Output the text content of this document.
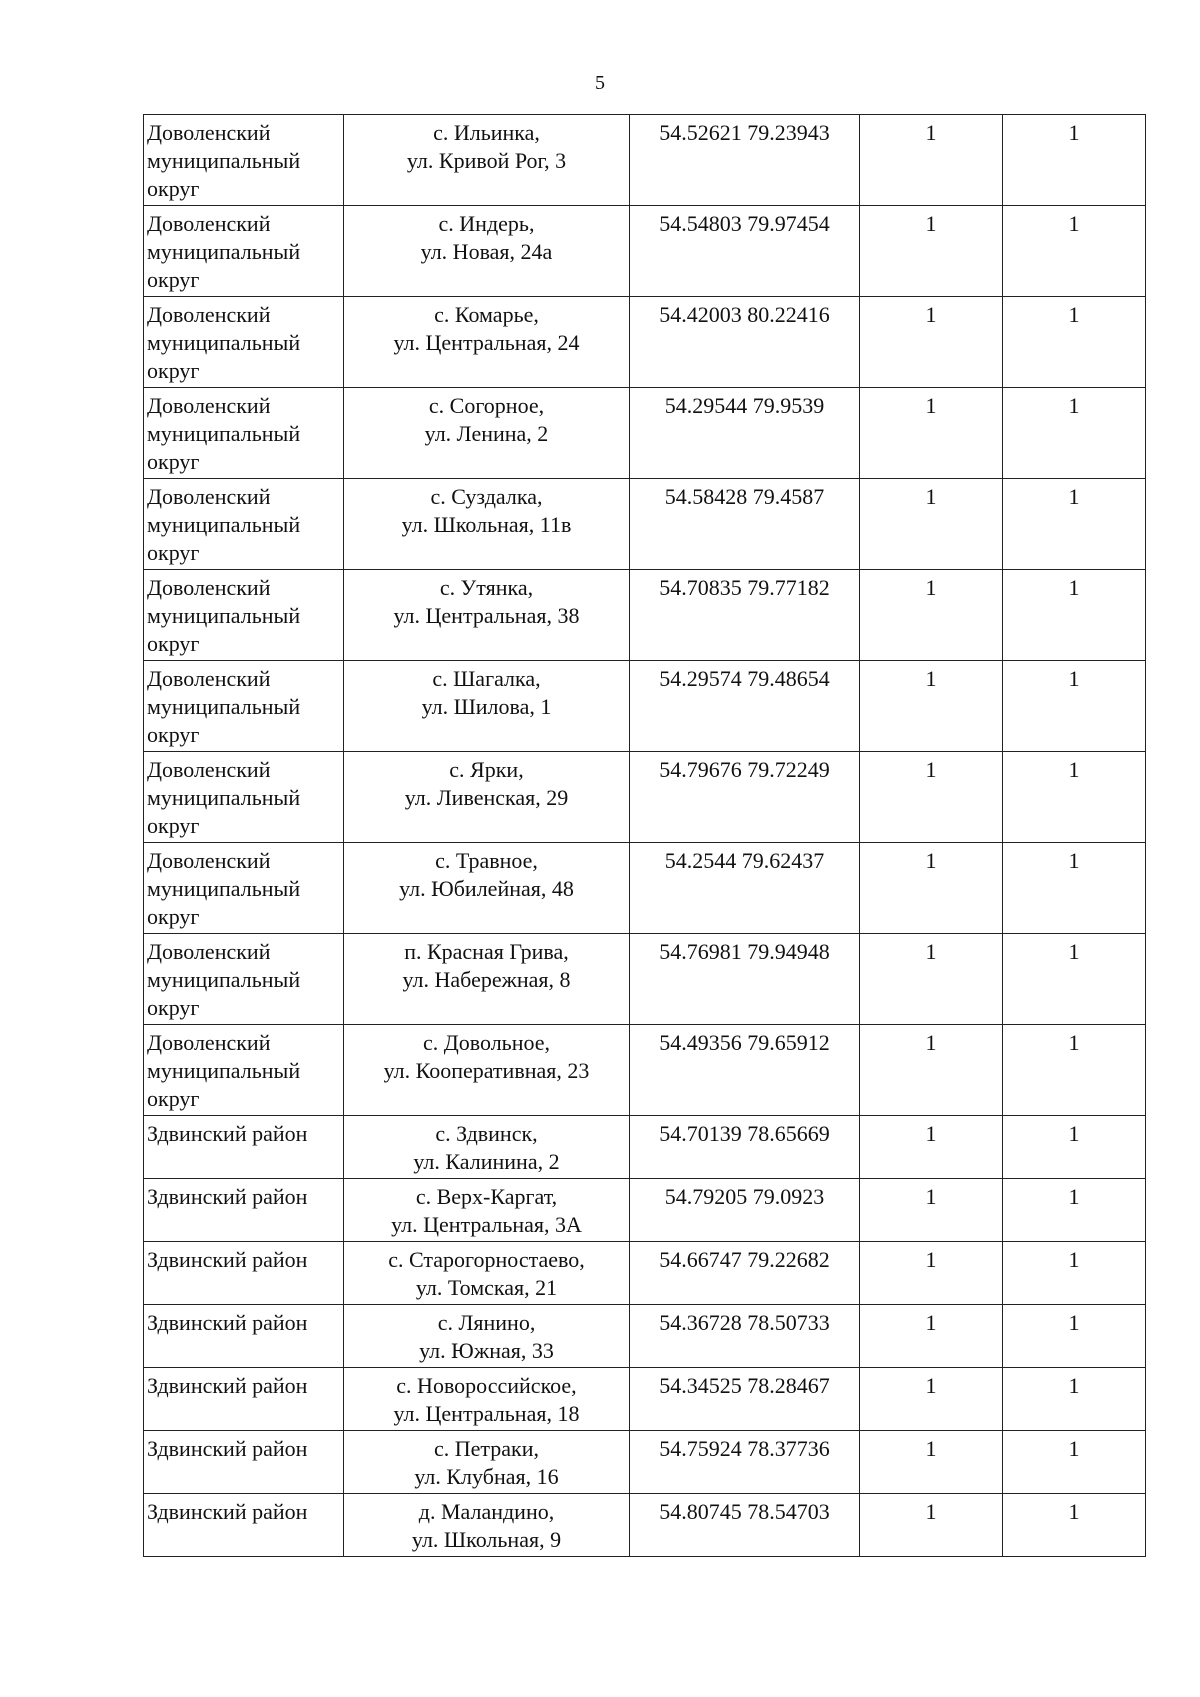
5
Доволенский
муниципальный
округ	с. Ильинка,
ул. Кривой Рог, 3	54.52621 79.23943	1	1

Доволенский
муниципальный
округ	с. Индерь,
ул. Новая, 24а	54.54803 79.97454	1	1

Доволенский
муниципальный
округ	с. Комарье,
ул. Центральная, 24	54.42003 80.22416	1	1

Доволенский
муниципальный
округ	с. Согорное,
ул. Ленина, 2	54.29544 79.9539	1	1

Доволенский
муниципальный
округ	с. Суздалка,
ул. Школьная, 11в	54.58428 79.4587	1	1

Доволенский
муниципальный
округ	с. Утянка,
ул. Центральная, 38	54.70835 79.77182	1	1

Доволенский
муниципальный
округ	с. Шагалка,
ул. Шилова, 1	54.29574 79.48654	1	1

Доволенский
муниципальный
округ	с. Ярки,
ул. Ливенская, 29	54.79676 79.72249	1	1

Доволенский
муниципальный
округ	с. Травное,
ул. Юбилейная, 48	54.2544 79.62437	1	1

Доволенский
муниципальный
округ	п. Красная Грива,
ул. Набережная, 8	54.76981 79.94948	1	1

Доволенский
муниципальный
округ	с. Довольное,
ул. Кооперативная, 23	54.49356 79.65912	1	1

Здвинский район	с. Здвинск,
ул. Калинина, 2	54.70139 78.65669	1	1

Здвинский район	с. Верх-Каргат,
ул. Центральная, 3А	54.79205 79.0923	1	1

Здвинский район	с. Старогорностаево,
ул. Томская, 21	54.66747 79.22682	1	1

Здвинский район	с. Лянино,
ул. Южная, 33	54.36728 78.50733	1	1

Здвинский район	с. Новороссийское,
ул. Центральная, 18	54.34525 78.28467	1	1

Здвинский район	с. Петраки,
ул. Клубная, 16	54.75924 78.37736	1	1

Здвинский район	д. Маландино,
ул. Школьная, 9	54.80745 78.54703	1	1
